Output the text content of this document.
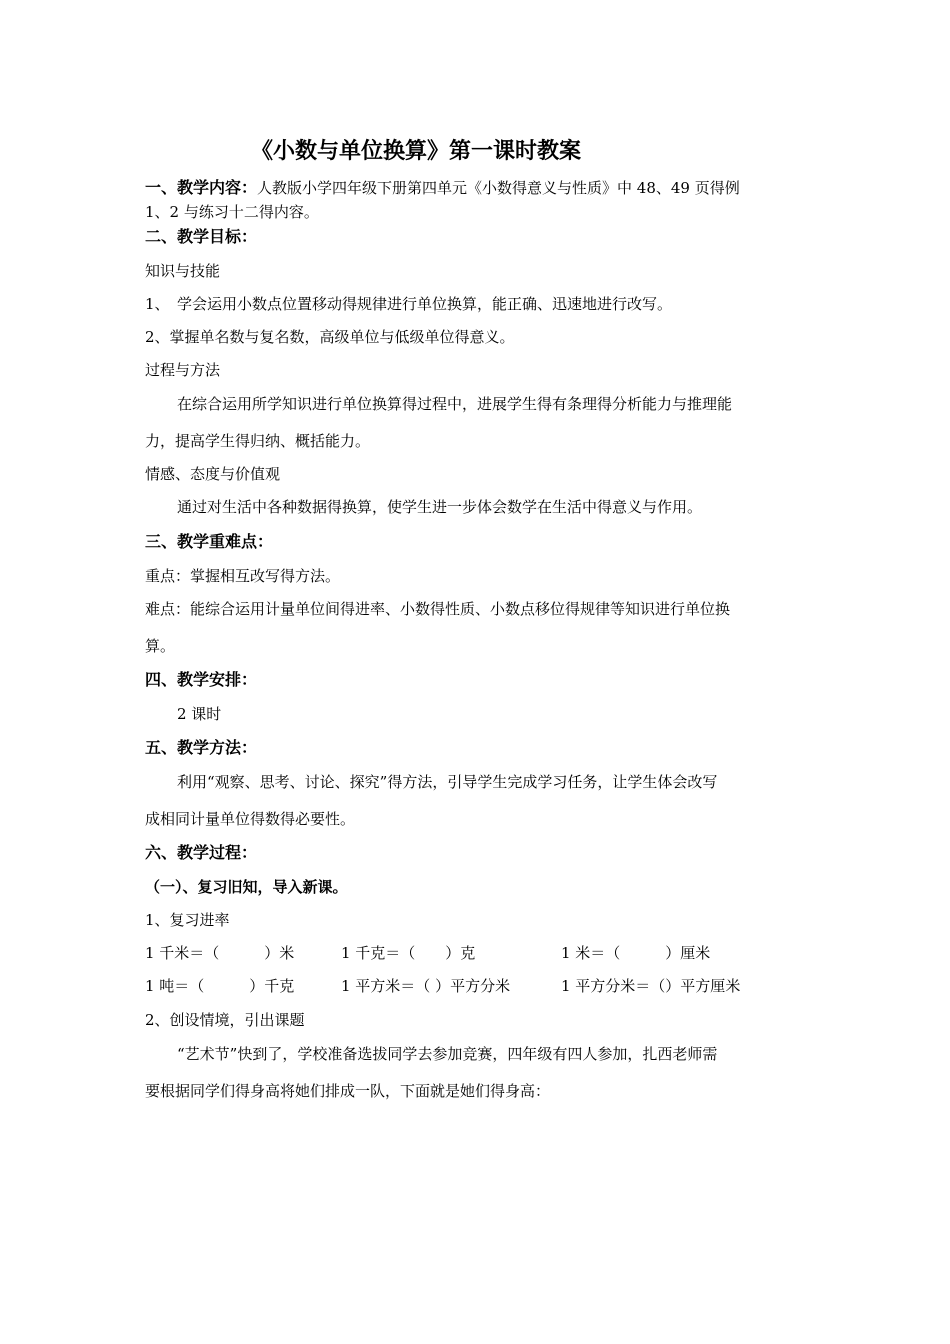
《小数与单位换算》第一课时教案
一、教学内容：人教版小学四年级下册第四单元《小数得意义与性质》中 48、49 页得例
1、2 与练习十二得内容。
二、教学目标：
知识与技能
1、　学会运用小数点位置移动得规律进行单位换算，能正确、迅速地进行改写。
2、掌握单名数与复名数，高级单位与低级单位得意义。
过程与方法
在综合运用所学知识进行单位换算得过程中，进展学生得有条理得分析能力与推理能
力，提高学生得归纳、概括能力。
情感、态度与价值观
通过对生活中各种数据得换算，使学生进一步体会数学在生活中得意义与作用。
三、教学重难点：
重点：掌握相互改写得方法。
难点：能综合运用计量单位间得进率、小数得性质、小数点移位得规律等知识进行单位换
算。
四、教学安排：
2 课时
五、教学方法：
利用“观察、思考、讨论、探究”得方法，引导学生完成学习任务，让学生体会改写
成相同计量单位得数得必要性。
六、教学过程：
（一）、复习旧知，导入新课。
1、复习进率
1 千米＝（　　　）米	1 千克＝（　　）克	1 米＝（　　　）厘米
1 吨＝（　　　）千克	1 平方米＝（ ）平方分米	1 平方分米＝（）平方厘米
2、创设情境，引出课题
“艺术节”快到了，学校准备选拔同学去参加竞赛，四年级有四人参加，扎西老师需
要根据同学们得身高将她们排成一队，下面就是她们得身高：
